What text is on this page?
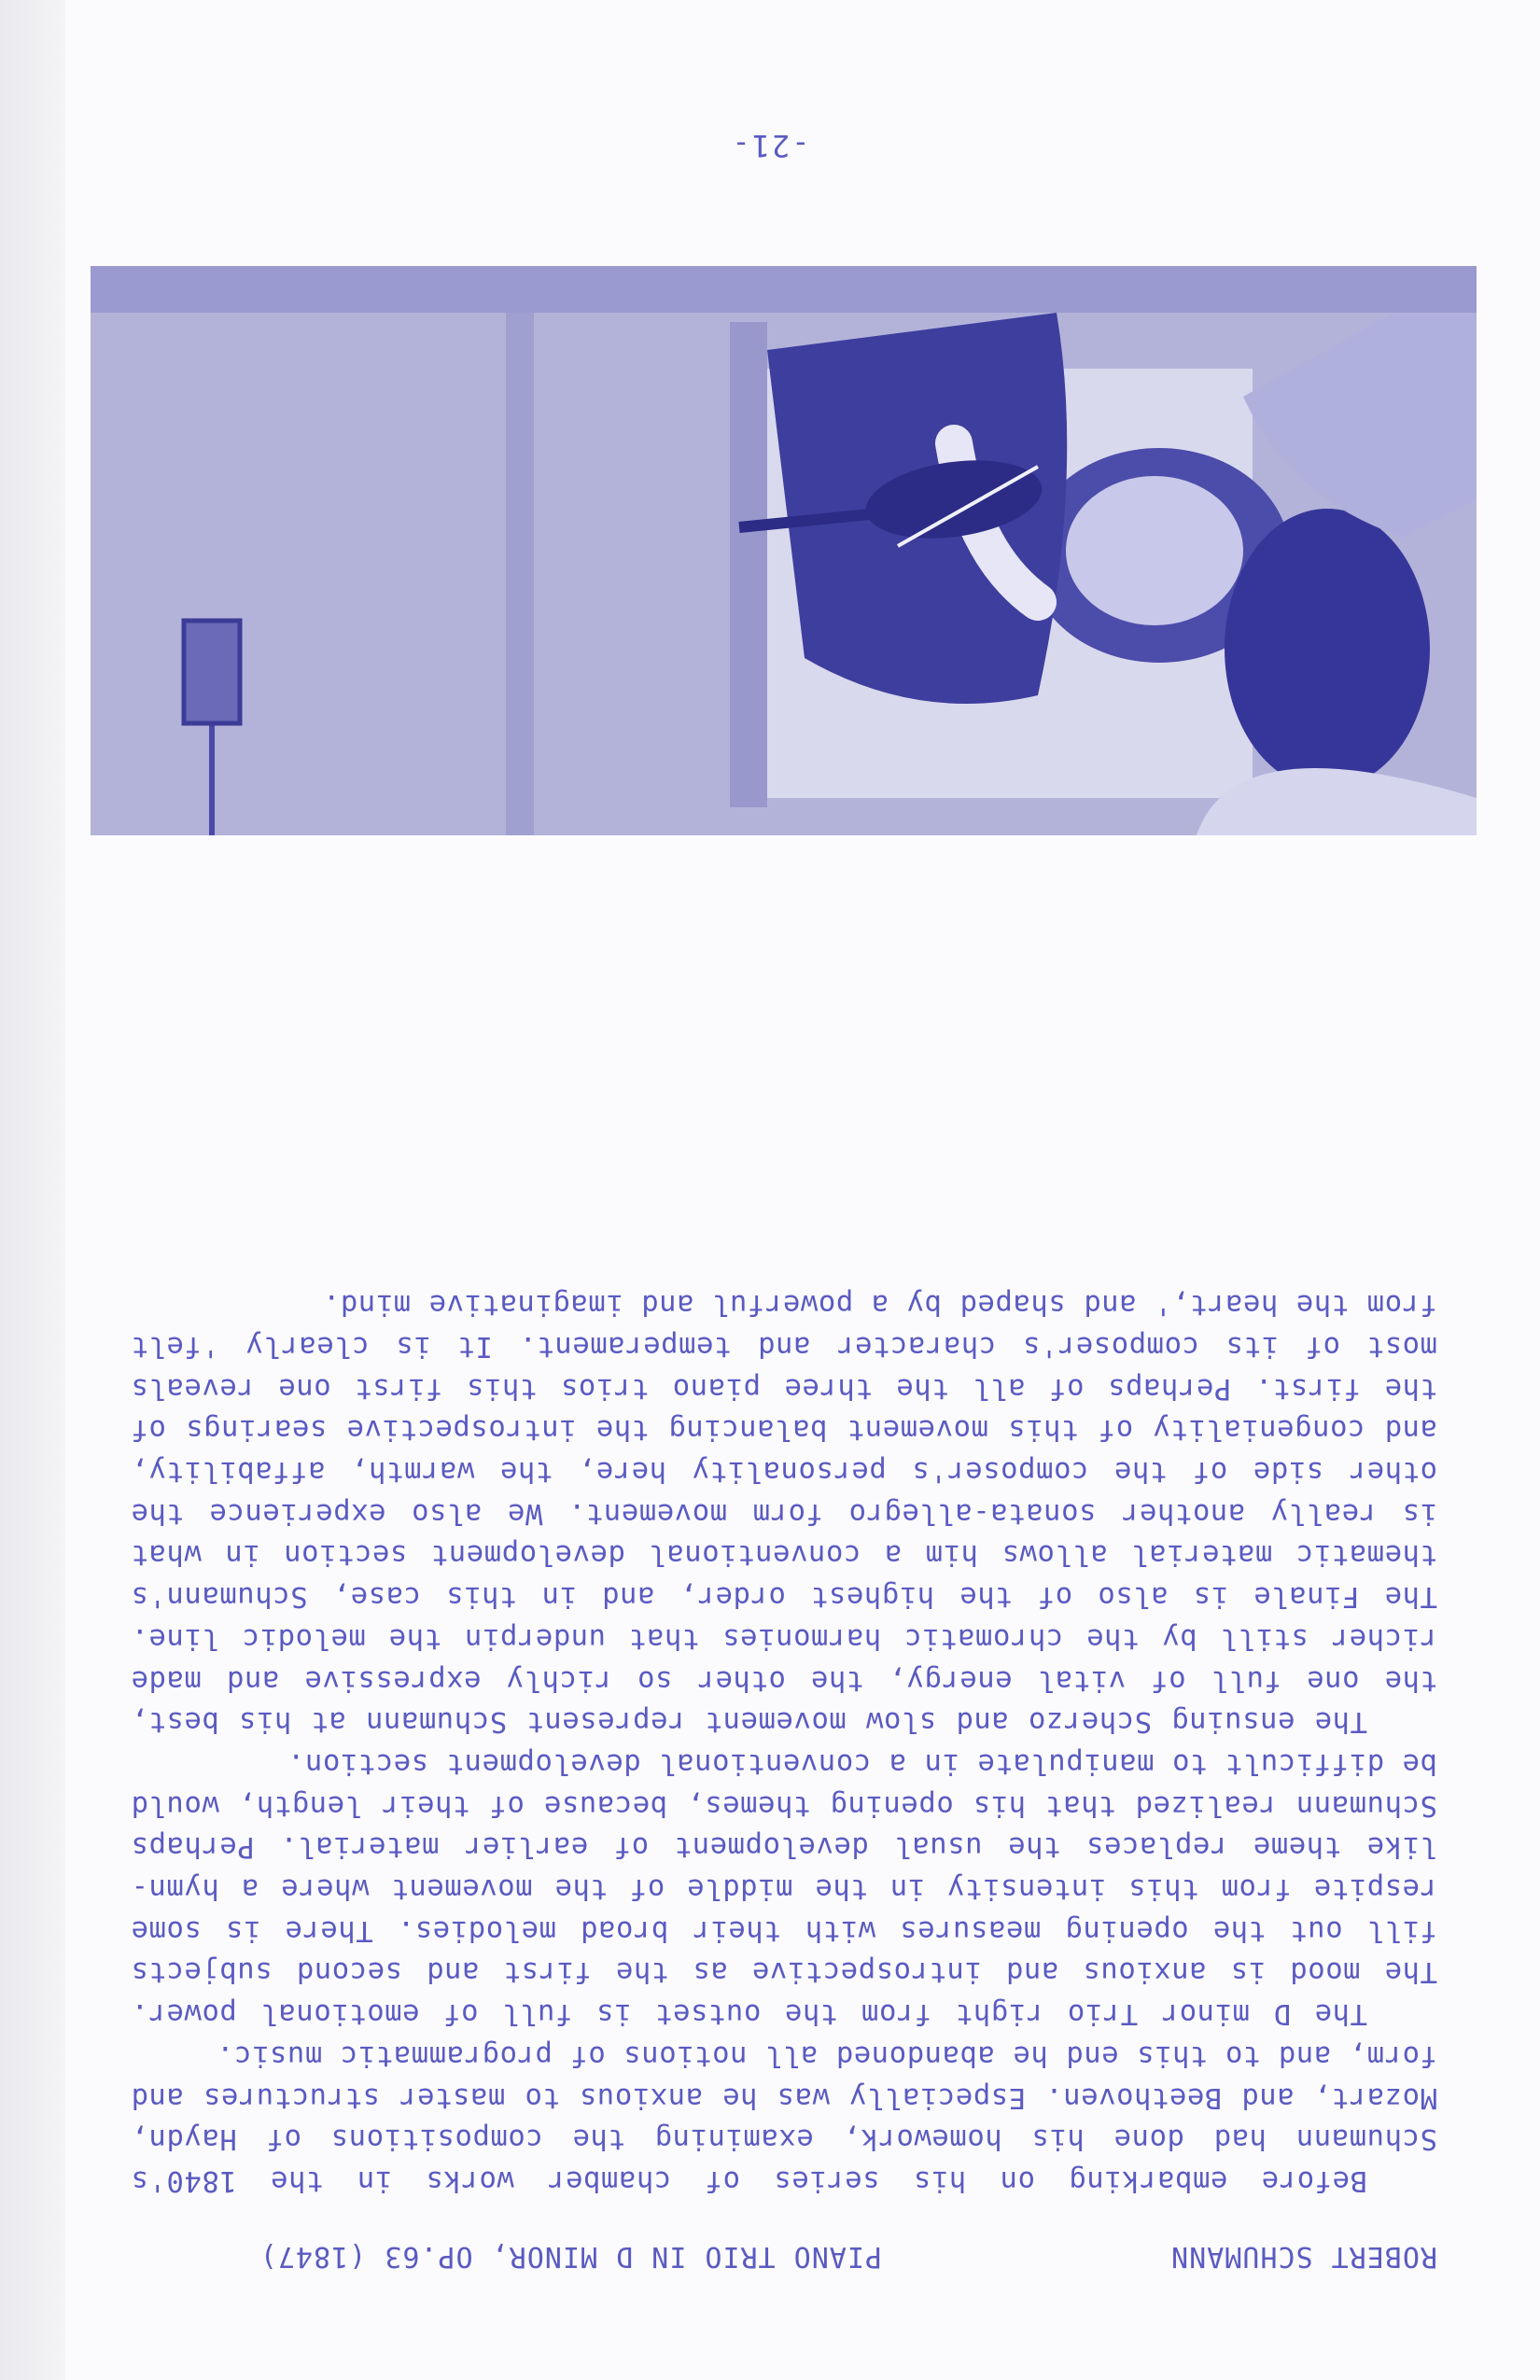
ROBERT SCHUMANN
PIANO TRIO IN D MINOR, OP.63 (1847)

Before embarking on his series of chamber works in the 1840's Schumann had done his homework, examining the compositions of Haydn, Mozart, and Beethoven. Especially was he anxious to master structures and form, and to this end he abandoned all notions of programmatic music.

The D minor Trio right from the outset is full of emotional power. The mood is anxious and introspective as the first and second subjects fill out the opening measures with their broad melodies. There is some respite from this intensity in the middle of the movement where a hymn-like theme replaces the usual development of earlier material. Perhaps Schumann realized that his opening themes, because of their length, would be difficult to manipulate in a conventional development section.

The ensuing Scherzo and slow movement represent Schumann at his best, the one full of vital energy, the other so richly expressive and made richer still by the chromatic harmonies that underpin the melodic line. The Finale is also of the highest order, and in this case, Schumann's thematic material allows him a conventional development section in what is really another sonata-allegro form movement. We also experience the other side of the composer's personality here, the warmth, affability, and congeniality of this movement balancing the introspective searings of the first. Perhaps of all the three piano trios this first one reveals most of its composer's character and temperament. It is clearly 'felt from the heart,' and shaped by a powerful and imaginative mind.

-21-
